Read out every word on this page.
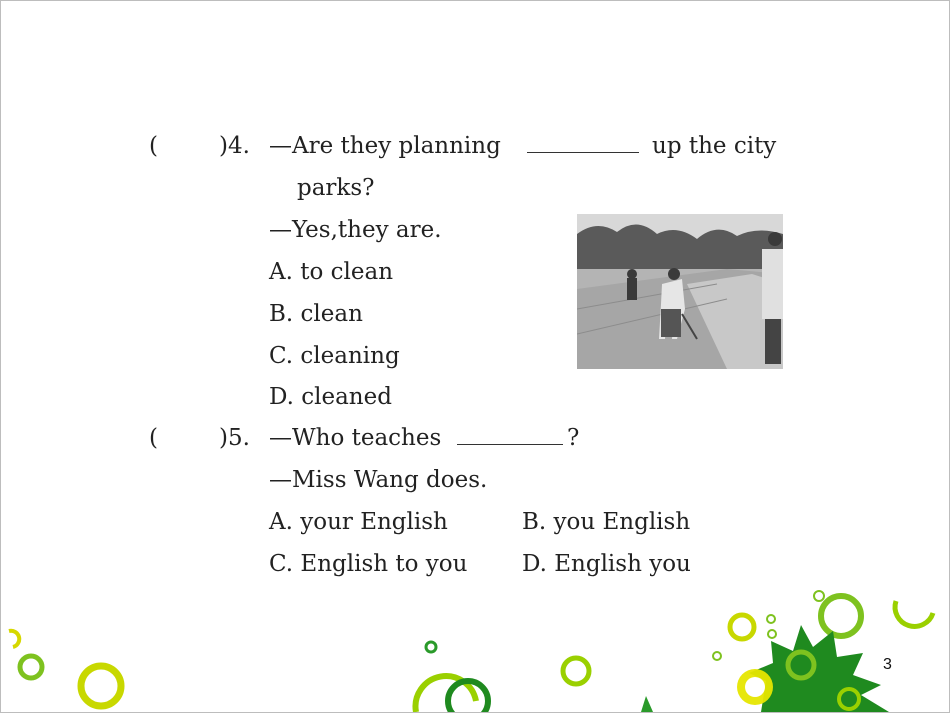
(	)4. —Are they planning	up the city
parks?
—Yes,they are.
A. to clean
B. clean
C. cleaning
D. cleaned
(	)5. —Who teaches	?
—Miss Wang does.
A. your English	B. you English
C. English to you D. English you
3
